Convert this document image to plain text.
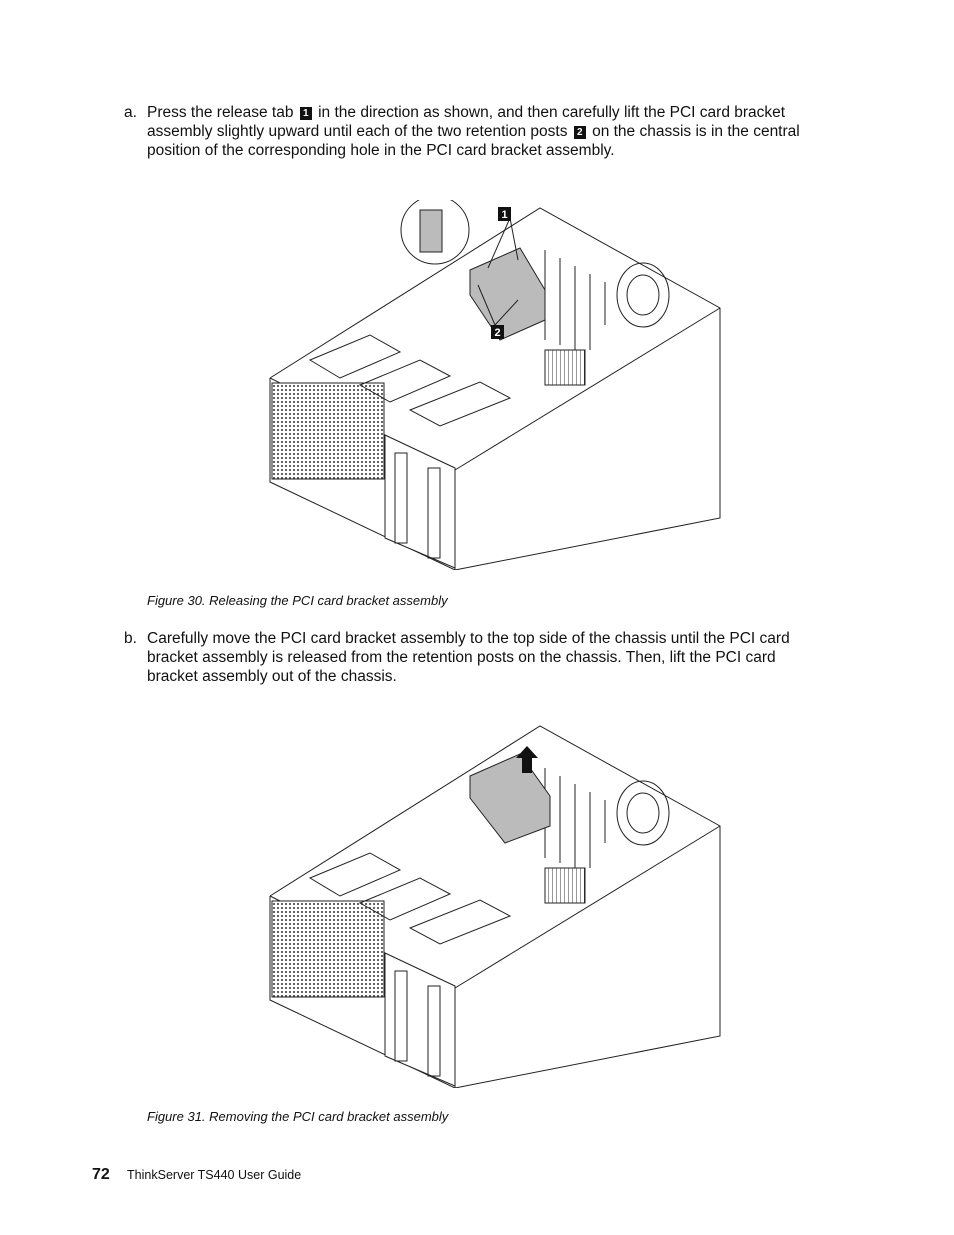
a. Press the release tab 1 in the direction as shown, and then carefully lift the PCI card bracket assembly slightly upward until each of the two retention posts 2 on the chassis is in the central position of the corresponding hole in the PCI card bracket assembly.
1
2
Figure 30. Releasing the PCI card bracket assembly
b. Carefully move the PCI card bracket assembly to the top side of the chassis until the PCI card bracket assembly is released from the retention posts on the chassis. Then, lift the PCI card bracket assembly out of the chassis.
Figure 31. Removing the PCI card bracket assembly
72 ThinkServer TS440 User Guide
